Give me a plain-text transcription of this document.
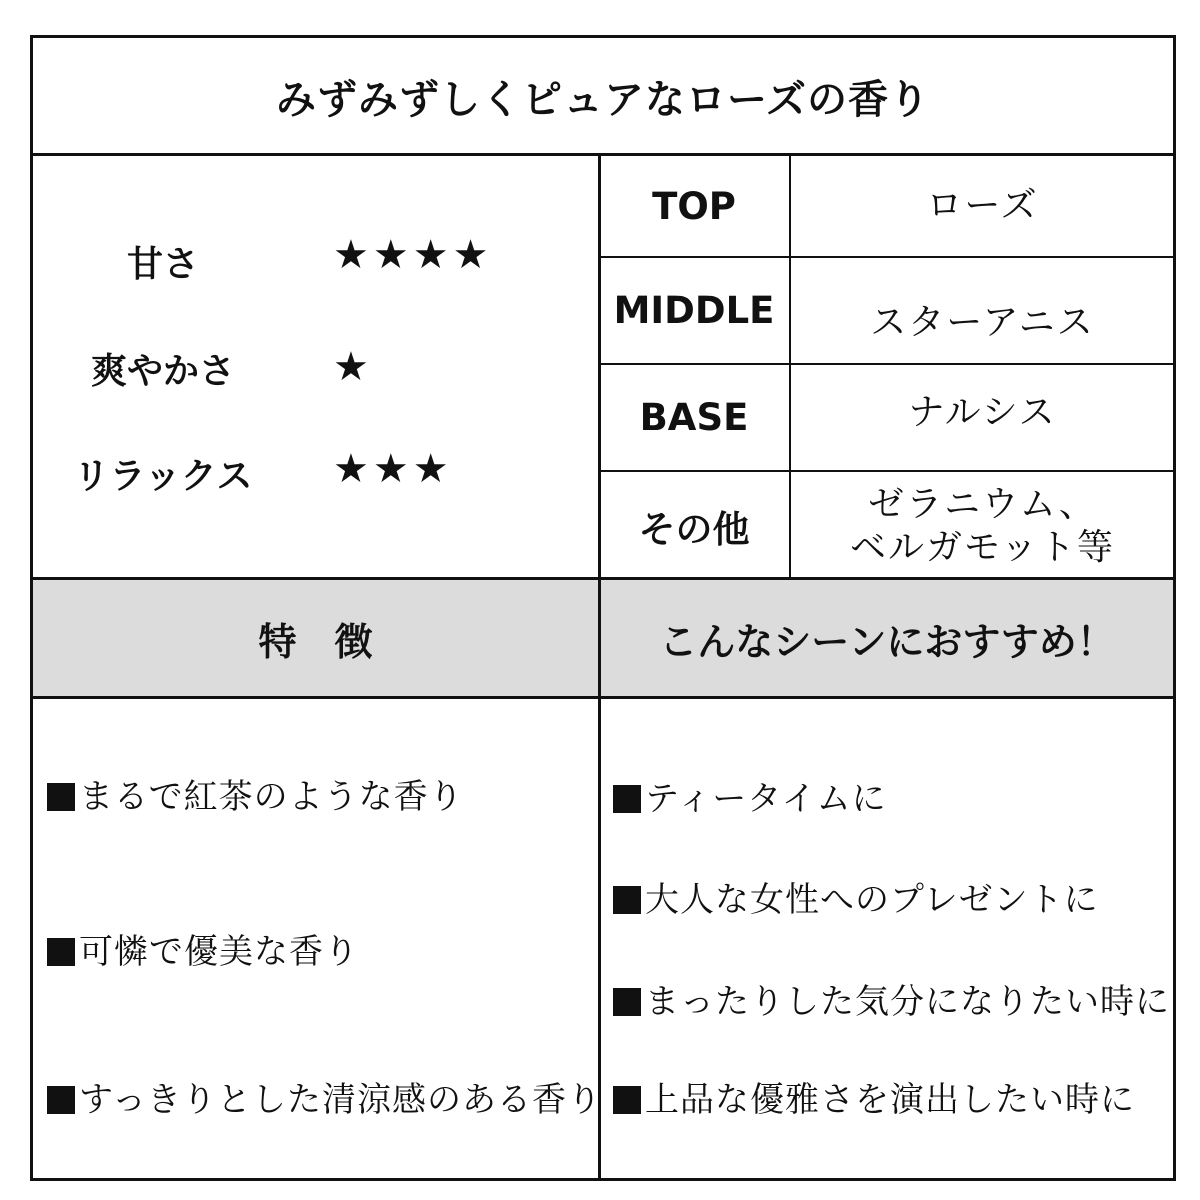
みずみずしくピュアなローズの香り
甘さ	★★★★
爽やかさ	★
リラックス	★★★
TOP	ローズ
MIDDLE	スターアニス
BASE	ナルシス
その他
ゼラニウム、
ベルガモット等
特　徴	こんなシーンにおすすめ！
まるで紅茶のような香り
可憐で優美な香り
すっきりとした清涼感のある香り
ティータイムに
大人な女性へのプレゼントに
まったりした気分になりたい時に
上品な優雅さを演出したい時に
